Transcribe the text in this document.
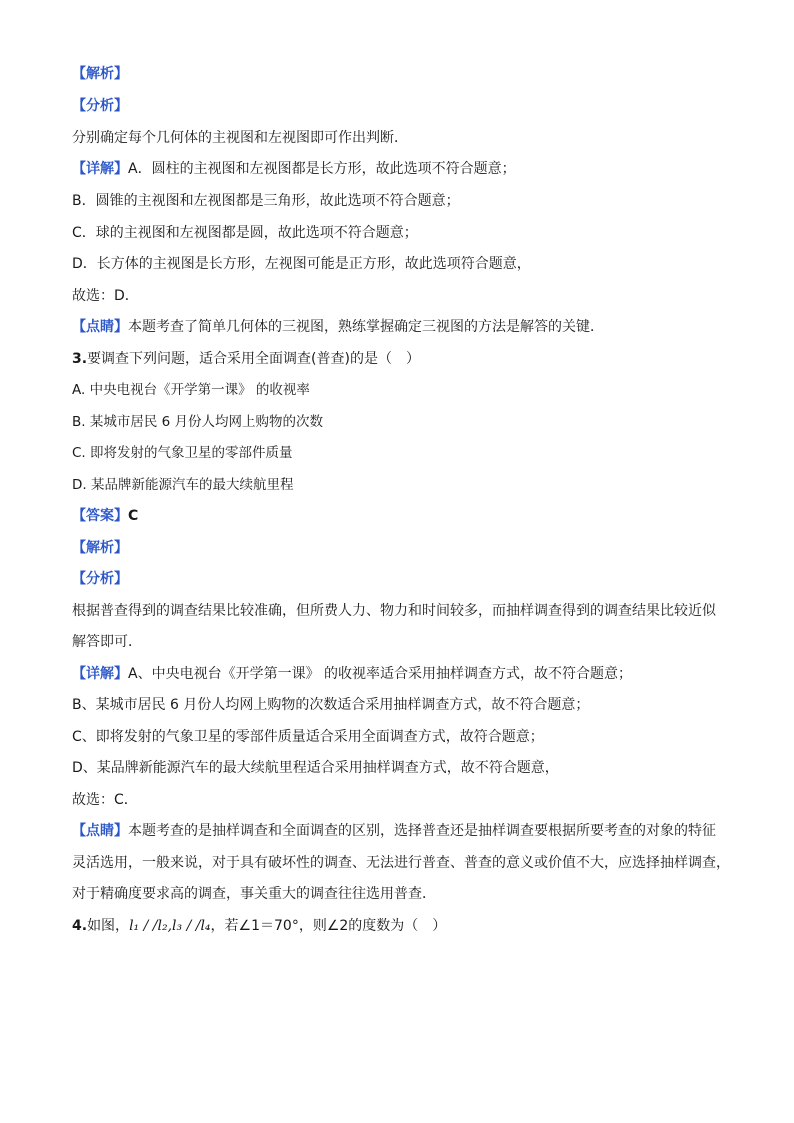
【解析】
【分析】
分别确定每个几何体的主视图和左视图即可作出判断．
【详解】A．圆柱的主视图和左视图都是长方形，故此选项不符合题意；
B．圆锥的主视图和左视图都是三角形，故此选项不符合题意；
C．球的主视图和左视图都是圆，故此选项不符合题意；
D．长方体的主视图是长方形，左视图可能是正方形，故此选项符合题意，
故选：D．
【点睛】本题考查了简单几何体的三视图，熟练掌握确定三视图的方法是解答的关键．
3.要调查下列问题，适合采用全面调查(普查)的是（　）
A. 中央电视台《开学第一课》 的收视率
B. 某城市居民 6 月份人均网上购物的次数
C. 即将发射的气象卫星的零部件质量
D. 某品牌新能源汽车的最大续航里程
【答案】C
【解析】
【分析】
根据普查得到的调查结果比较准确，但所费人力、物力和时间较多，而抽样调查得到的调查结果比较近似
解答即可．
【详解】A、中央电视台《开学第一课》 的收视率适合采用抽样调查方式，故不符合题意；
B、某城市居民 6 月份人均网上购物的次数适合采用抽样调查方式，故不符合题意；
C、即将发射的气象卫星的零部件质量适合采用全面调查方式，故符合题意；
D、某品牌新能源汽车的最大续航里程适合采用抽样调查方式，故不符合题意，
故选：C．
【点睛】本题考查的是抽样调查和全面调查的区别，选择普查还是抽样调查要根据所要考查的对象的特征
灵活选用，一般来说，对于具有破坏性的调查、无法进行普查、普查的意义或价值不大，应选择抽样调查，
对于精确度要求高的调查，事关重大的调查往往选用普查．
4.如图，l₁ / /l₂,l₃ / /l₄，若∠1＝70°，则∠2的度数为（　）
